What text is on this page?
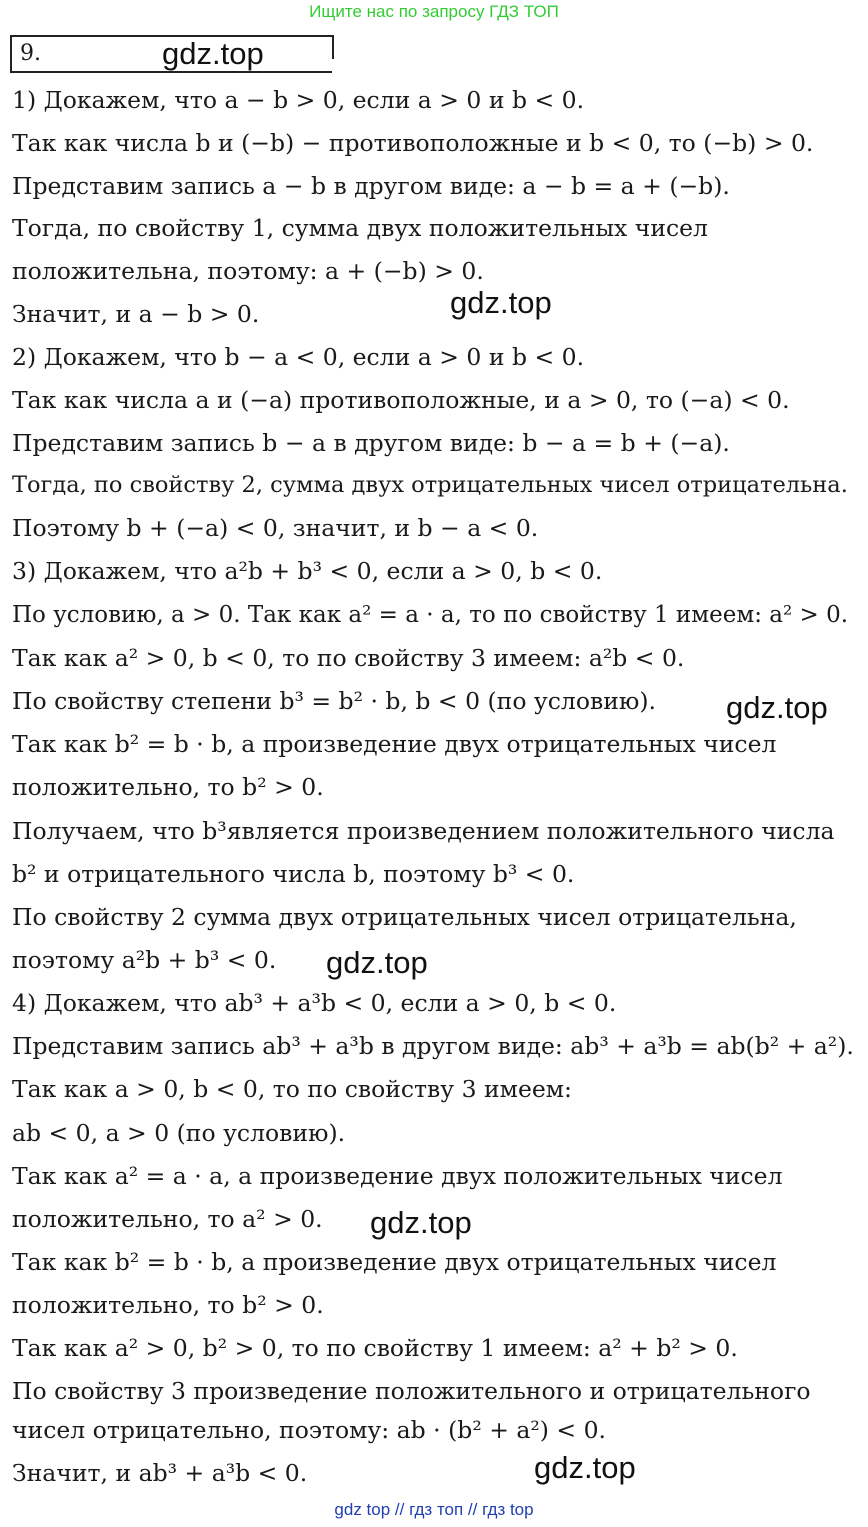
Ищите нас по запросу ГДЗ ТОП
9.	gdz.top
gdz.top
gdz.top
gdz.top
gdz.top
gdz.top
1) Докажем, что a − b > 0, если a > 0 и b < 0.
Так как числа b и (−b) − противоположные и b < 0, то (−b) > 0.
Представим запись a − b в другом виде: a − b = a + (−b).
Тогда, по свойству 1, сумма двух положительных чисел
положительна, поэтому: a + (−b) > 0.
Значит, и a − b > 0.
2) Докажем, что b − a < 0, если a > 0 и b < 0.
Так как числа a и (−a) противоположные, и a > 0, то (−a) < 0.
Представим запись b − a в другом виде: b − a = b + (−a).
Тогда, по свойству 2, сумма двух отрицательных чисел отрицательна.
Поэтому b + (−a) < 0, значит, и b − a < 0.
3) Докажем, что a²b + b³ < 0, если a > 0, b < 0.
По условию, a > 0. Так как a² = a · a, то по свойству 1 имеем: a² > 0.
Так как a² > 0, b < 0, то по свойству 3 имеем: a²b < 0.
По свойству степени b³ = b² · b, b < 0 (по условию).
Так как b² = b · b, а произведение двух отрицательных чисел
положительно, то b² > 0.
Получаем, что b³является произведением положительного числа
b² и отрицательного числа b, поэтому b³ < 0.
По свойству 2 сумма двух отрицательных чисел отрицательна,
поэтому a²b + b³ < 0.
4) Докажем, что ab³ + a³b < 0, если a > 0, b < 0.
Представим запись ab³ + a³b в другом виде: ab³ + a³b = ab(b² + a²).
Так как a > 0, b < 0, то по свойству 3 имеем:
ab < 0, a > 0 (по условию).
Так как a² = a · a, а произведение двух положительных чисел
положительно, то a² > 0.
Так как b² = b · b, а произведение двух отрицательных чисел
положительно, то b² > 0.
Так как a² > 0, b² > 0, то по свойству 1 имеем: a² + b² > 0.
По свойству 3 произведение положительного и отрицательного
чисел отрицательно, поэтому: ab · (b² + a²) < 0.
Значит, и ab³ + a³b < 0.
gdz top // гдз топ // гдз top
